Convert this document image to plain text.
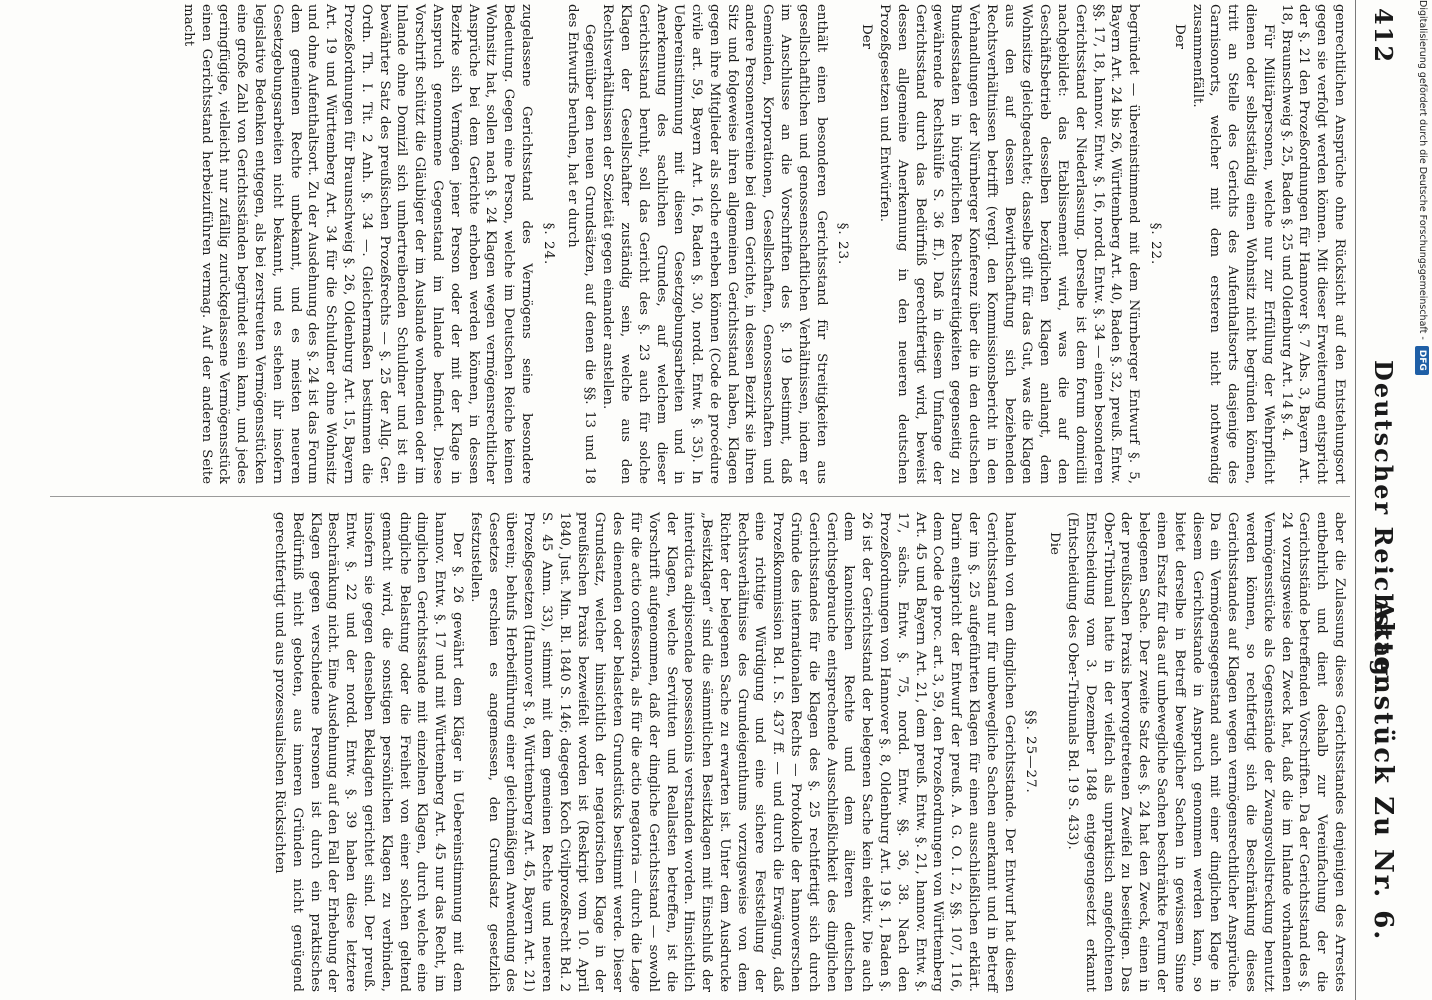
412
Deutscher Reichstag.
Aktenstück Zu Nr. 6.

genrechtlichen Ansprüche ohne Rücksicht auf den Entstehungsort gegen sie verfolgt werden können. Mit dieser Erweiterung entspricht der §. 21 den Prozeßordnungen für Hannover §. 7 Abs. 3, Bayern Art. 18, Braunschweig §. 25, Baden §. 25 und Oldenburg Art. 14 §. 4.

Für Militärpersonen, welche nur zur Erfüllung der Wehrpflicht dienen oder selbstständig einen Wohnsitz nicht begründen können, tritt an Stelle des Gerichts des Aufenthaltsorts dasjenige des Garnisonorts, welcher mit dem ersteren nicht nothwendig zusammenfällt.

Der

§. 22.

begründet — übereinstimmend mit dem Nürnberger Entwurf §. 5, Bayern Art. 24 bis 26, Württemberg Art. 40, Baden §. 32, preuß. Entw. §§. 17, 18, hannov. Entw. §. 16, nordd. Entw. §. 34 — einen besonderen Gerichtsstand der Niederlassung. Derselbe ist dem forum domicilii nachgebildet: das Etablissement wird, was die auf den Geschäftsbetrieb desselben bezüglichen Klagen anlangt, dem Wohnsitze gleichgeachtet; dasselbe gilt für das Gut, was die Klagen aus den auf dessen Bewirthschaftung sich beziehenden Rechtsverhältnissen betrifft (vergl. den Kommissionsbericht in den Verhandlungen der Nürnberger Konferenz über die in den deutschen Bundesstaaten in bürgerlichen Rechtsstreitigkeiten gegenseitig zu gewährende Rechtshülfe S. 36 ff.). Daß in diesem Umfange der Gerichtsstand durch das Bedürfniß gerechtfertigt wird, beweist dessen allgemeine Anerkennung in den neueren deutschen Prozeßgesetzen und Entwürfen.

Der

§. 23.

enthält einen besonderen Gerichtsstand für Streitigkeiten aus gesellschaftlichen und genossenschaftlichen Verhältnissen, indem er im Anschlusse an die Vorschriften des §. 19 bestimmt, daß Gemeinden, Korporationen, Gesellschaften, Genossenschaften und andere Personenvereine bei dem Gerichte, in dessen Bezirk sie ihren Sitz und folgeweise ihren allgemeinen Gerichtsstand haben, Klagen gegen ihre Mitglieder als solche erheben können (Code de procédure civile art. 59, Bayern Art. 16, Baden §. 30, nordd. Entw. §. 35). In Uebereinstimmung mit diesen Gesetzgebungsarbeiten und in Anerkennung des sachlichen Grundes, auf welchem dieser Gerichtsstand beruht, soll das Gericht des §. 23 auch für solche Klagen der Gesellschafter zuständig sein, welche aus den Rechtsverhältnissen der Sozietät gegen einander anstellen.

Gegenüber den neuen Grundsätzen, auf denen die §§. 13 und 18 des Entwurfs beruhen, hat er durch

§. 24.

zugelassene Gerichtsstand des Vermögens seine besondere Bedeutung. Gegen eine Person, welche im Deutschen Reiche keinen Wohnsitz hat, sollen nach §. 24 Klagen wegen vermögensrechtlicher Ansprüche bei dem Gerichte erhoben werden können, in dessen Bezirke sich Vermögen jener Person oder der mit der Klage in Anspruch genommene Gegenstand im Inlande befindet. Diese Vorschrift schützt die Gläubiger der im Auslande wohnenden oder im Inlande ohne Domizil sich umhertreibenden Schuldner und ist ein bewährter Satz des preußischen Prozeßrechts — §. 25 der Allg. Ger. Ordn. Th. I. Tit. 2 Anh. §. 34 —. Gleichermaßen bestimmen die Prozeßordnungen für Braunschweig §. 26, Oldenburg Art. 15, Bayern Art. 19 und Württemberg Art. 34 für die Schuldner ohne Wohnsitz und ohne Aufenthaltsort. Zu der Ausdehnung des §. 24 ist das Forum dem gemeinen Rechte unbekannt, und es meisten neueren Gesetzgebungsarbeiten nicht bekannt, und es stehen ihr insofern legislative Bedenken entgegen, als bei zerstreuten Vermögensstücken eine große Zahl von Gerichtsständen begründet sein kann, und jedes geringfügige, vielleicht nur zufällig zurückgelassene Vermögensstück einen Gerichtsstand herbeizuführen vermag. Auf der anderen Seite macht

aber die Zulassung dieses Gerichtsstandes denjenigen des Arrestes entbehrlich und dient deshalb zur Vereinfachung der die Gerichtsstände betreffenden Vorschriften. Da der Gerichtsstand des §. 24 vorzugsweise den Zweck hat, daß die im Inlande vorhandenen Vermögensstücke als Gegenstände der Zwangsvollstreckung benutzt werden können, so rechtfertigt sich die Beschränkung dieses Gerichtsstandes auf Klagen wegen vermögensrechtlicher Ansprüche. Da ein Vermögensgegenstand auch mit einer dinglichen Klage in diesem Gerichtsstande in Anspruch genommen werden kann, so bietet derselbe in Betreff beweglicher Sachen in gewissem Sinne einen Ersatz für das auf unbewegliche Sachen beschränkte Forum der belegenen Sache. Der zweite Satz des §. 24 hat den Zweck, einen in der preußischen Praxis hervorgetretenen Zweifel zu beseitigen. Das Ober-Tribunal hatte in der vielfach als unpraktisch angefochtenen Entscheidung vom 3. Dezember 1848 entgegengesetzt erkannt (Entscheidung des Ober-Tribunals Bd. 19 S. 433).

Die

§§. 25—27.

handeln von dem dinglichen Gerichtsstande. Der Entwurf hat diesen Gerichtsstand nur für unbewegliche Sachen anerkannt und in Betreff der im §. 25 aufgeführten Klagen für einen ausschließlichen erklärt. Darin entspricht der Entwurf der preuß. A. G. O. I. 2, §§. 107, 116, dem Code de proc. art. 3, 59, den Prozeßordnungen von Württemberg Art. 45 und Bayern Art. 21, dem preuß. Entw. §. 21, hannov. Entw. §. 17, sächs. Entw. §. 75, nordd. Entw. §§. 36, 38. Nach den Prozeßordnungen von Hannover §. 8, Oldenburg Art. 19 §. 1, Baden §. 26 ist der Gerichtsstand der belegenen Sache kein elektiv. Die auch dem kanonischen Rechte und dem älteren deutschen Gerichtsgebrauche entsprechende Ausschließlichkeit des dinglichen Gerichtsstandes für die Klagen des §. 25 rechtfertigt sich durch Gründe des internationalen Rechts — Protokolle der hannoverschen Prozeßkommission Bd. I. S. 437 ff. — und durch die Erwägung, daß eine richtige Würdigung und eine sichere Feststellung der Rechtsverhältnisse des Grundeigenthums vorzugsweise von dem Richter der belegenen Sache zu erwarten ist. Unter dem Ausdrucke „Besitzklagen“ sind die sämmtlichen Besitzklagen mit Einschluß der interdicta adipiscendae possessionis verstanden worden. Hinsichtlich der Klagen, welche Servituten und Reallasten betreffen, ist die Vorschrift aufgenommen, daß der dingliche Gerichtsstand — sowohl für die actio confessoria, als für die actio negatoria — durch die Lage des dienenden oder belasteten Grundstücks bestimmt werde. Dieser Grundsatz, welcher hinsichtlich der negatorischen Klage in der preußischen Praxis bezweifelt worden ist (Reskript vom 10. April 1840, Just. Min. Bl. 1840 S. 146; dagegen Koch Civilprozeßrecht Bd. 2 S. 45 Anm. 33), stimmt mit dem gemeinen Rechte und neueren Prozeßgesetzen (Hannover §. 8, Württemberg Art. 45, Bayern Art. 21) überein; behufs Herbeiführung einer gleichmäßigen Anwendung des Gesetzes erschien es angemessen, den Grundsatz gesetzlich festzustellen.

Der §. 26 gewährt dem Kläger in Uebereinstimmung mit dem hannov. Entw. §. 17 und mit Württemberg Art. 45 nur das Recht, im dinglichen Gerichtsstande mit einzelnen Klagen, durch welche eine dingliche Belastung oder die Freiheit von einer solchen geltend gemacht wird, die sonstigen persönlichen Klagen zu verbinden, insofern sie gegen denselben Beklagten gerichtet sind. Der preuß. Entw. §. 22 und der nordd. Entw. §. 39 haben diese letztere Beschränkung nicht. Eine Ausdehnung auf den Fall der Erhebung der Klagen gegen verschiedene Personen ist durch ein praktisches Bedürfniß nicht geboten, aus inneren Gründen nicht genügend gerechtfertigt und aus prozessualischen Rücksichten

Digitalisierung gefördert durch die Deutsche Forschungsgemeinschaft -DFG
